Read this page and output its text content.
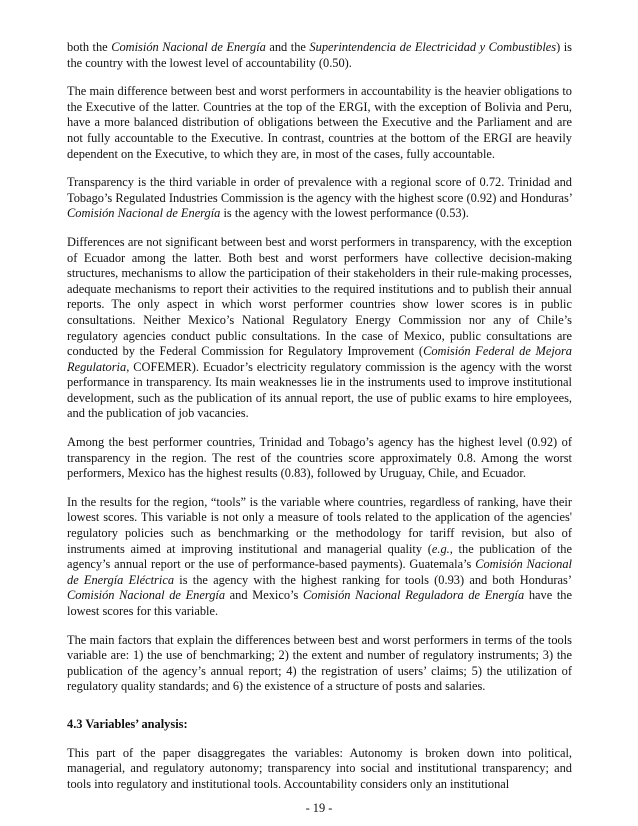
both the Comisión Nacional de Energía and the Superintendencia de Electricidad y Combustibles) is the country with the lowest level of accountability (0.50).

The main difference between best and worst performers in accountability is the heavier obligations to the Executive of the latter. Countries at the top of the ERGI, with the exception of Bolivia and Peru, have a more balanced distribution of obligations between the Executive and the Parliament and are not fully accountable to the Executive. In contrast, countries at the bottom of the ERGI are heavily dependent on the Executive, to which they are, in most of the cases, fully accountable.

Transparency is the third variable in order of prevalence with a regional score of 0.72. Trinidad and Tobago’s Regulated Industries Commission is the agency with the highest score (0.92) and Honduras’ Comisión Nacional de Energía is the agency with the lowest performance (0.53).

Differences are not significant between best and worst performers in transparency, with the exception of Ecuador among the latter. Both best and worst performers have collective decision-making structures, mechanisms to allow the participation of their stakeholders in their rule-making processes, adequate mechanisms to report their activities to the required institutions and to publish their annual reports. The only aspect in which worst performer countries show lower scores is in public consultations. Neither Mexico’s National Regulatory Energy Commission nor any of Chile’s regulatory agencies conduct public consultations. In the case of Mexico, public consultations are conducted by the Federal Commission for Regulatory Improvement (Comisión Federal de Mejora Regulatoria, COFEMER). Ecuador’s electricity regulatory commission is the agency with the worst performance in transparency. Its main weaknesses lie in the instruments used to improve institutional development, such as the publication of its annual report, the use of public exams to hire employees, and the publication of job vacancies.

Among the best performer countries, Trinidad and Tobago’s agency has the highest level (0.92) of transparency in the region. The rest of the countries score approximately 0.8. Among the worst performers, Mexico has the highest results (0.83), followed by Uruguay, Chile, and Ecuador.

In the results for the region, “tools” is the variable where countries, regardless of ranking, have their lowest scores. This variable is not only a measure of tools related to the application of the agencies' regulatory policies such as benchmarking or the methodology for tariff revision, but also of instruments aimed at improving institutional and managerial quality (e.g., the publication of the agency’s annual report or the use of performance-based payments). Guatemala’s Comisión Nacional de Energía Eléctrica is the agency with the highest ranking for tools (0.93) and both Honduras’ Comisión Nacional de Energía and Mexico’s Comisión Nacional Reguladora de Energía have the lowest scores for this variable.

The main factors that explain the differences between best and worst performers in terms of the tools variable are: 1) the use of benchmarking; 2) the extent and number of regulatory instruments; 3) the publication of the agency’s annual report; 4) the registration of users’ claims; 5) the utilization of regulatory quality standards; and 6) the existence of a structure of posts and salaries.

4.3 Variables’ analysis:

This part of the paper disaggregates the variables: Autonomy is broken down into political, managerial, and regulatory autonomy; transparency into social and institutional transparency; and tools into regulatory and institutional tools. Accountability considers only an institutional

- 19 -
